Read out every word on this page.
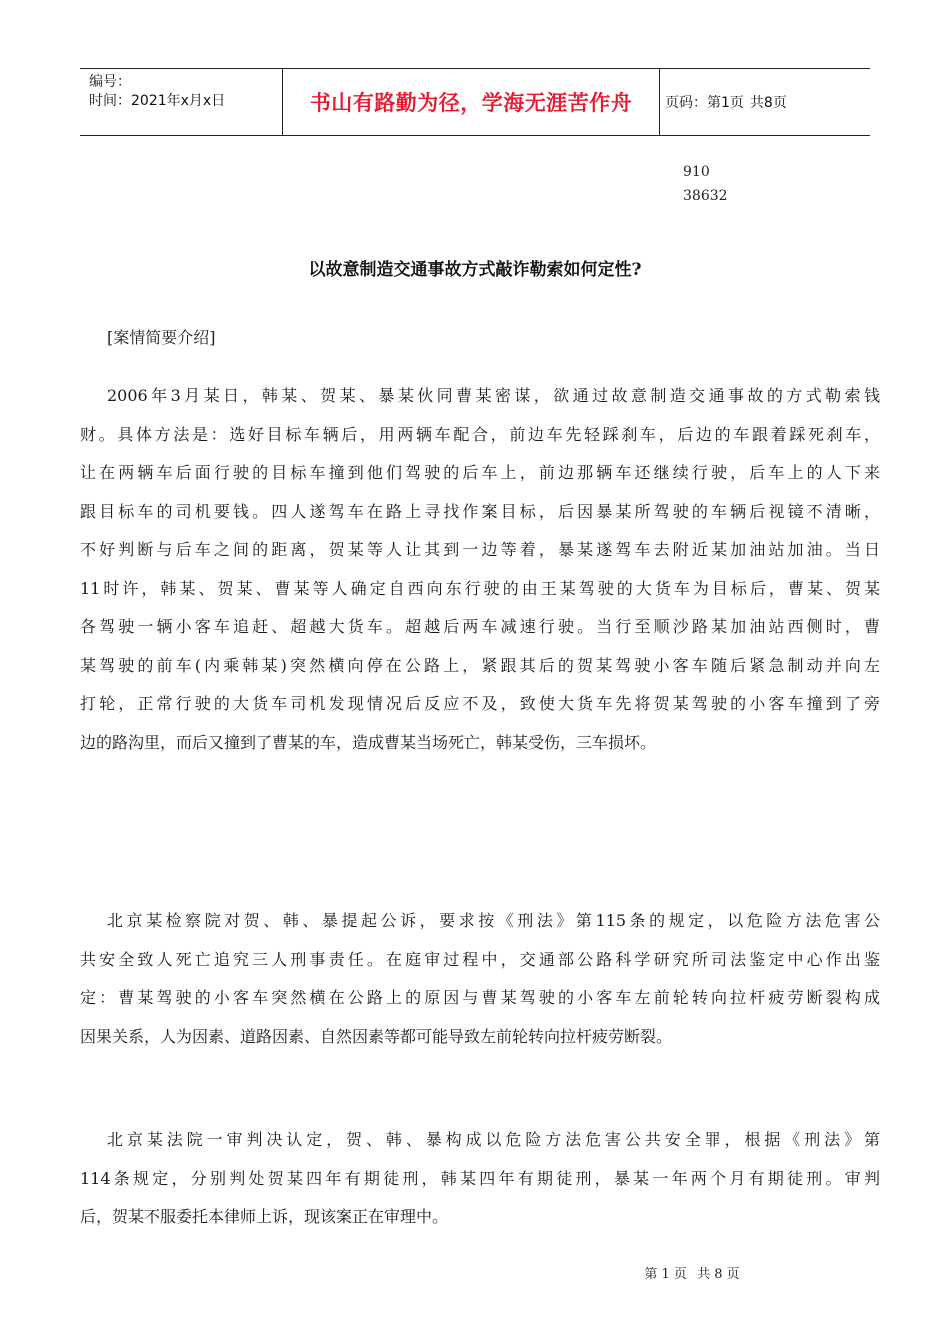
编号：
时间：2021年x月x日	书山有路勤为径，学海无涯苦作舟 页码： 第1页 共8页
910
38632
以故意制造交通事故方式敲诈勒索如何定性?
[案情简要介绍]

2006年3月某日，韩某、贺某、暴某伙同曹某密谋，欲通过故意制造交通事故的方式勒索钱
财。具体方法是：选好目标车辆后，用两辆车配合，前边车先轻踩刹车，后边的车跟着踩死刹车，
让在两辆车后面行驶的目标车撞到他们驾驶的后车上，前边那辆车还继续行驶，后车上的人下来
跟目标车的司机要钱。四人遂驾车在路上寻找作案目标，后因暴某所驾驶的车辆后视镜不清晰，
不好判断与后车之间的距离，贺某等人让其到一边等着，暴某遂驾车去附近某加油站加油。当日
11时许，韩某、贺某、曹某等人确定自西向东行驶的由王某驾驶的大货车为目标后，曹某、贺某
各驾驶一辆小客车追赶、超越大货车。超越后两车减速行驶。当行至顺沙路某加油站西侧时，曹
某驾驶的前车(内乘韩某)突然横向停在公路上，紧跟其后的贺某驾驶小客车随后紧急制动并向左
打轮，正常行驶的大货车司机发现情况后反应不及，致使大货车先将贺某驾驶的小客车撞到了旁
边的路沟里，而后又撞到了曹某的车，造成曹某当场死亡，韩某受伤，三车损坏。

北京某检察院对贺、韩、暴提起公诉，要求按《刑法》第115条的规定，以危险方法危害公
共安全致人死亡追究三人刑事责任。在庭审过程中，交通部公路科学研究所司法鉴定中心作出鉴
定：曹某驾驶的小客车突然横在公路上的原因与曹某驾驶的小客车左前轮转向拉杆疲劳断裂构成
因果关系，人为因素、道路因素、自然因素等都可能导致左前轮转向拉杆疲劳断裂。

北京某法院一审判决认定，贺、韩、暴构成以危险方法危害公共安全罪，根据《刑法》第
114条规定，分别判处贺某四年有期徒刑，韩某四年有期徒刑，暴某一年两个月有期徒刑。审判
后，贺某不服委托本律师上诉，现该案正在审理中。

第 1 页 共 8 页
